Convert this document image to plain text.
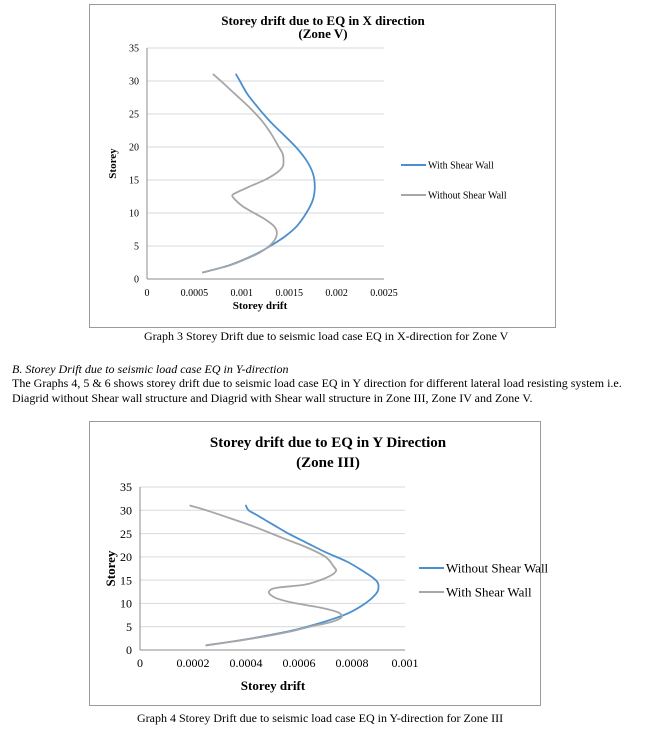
0
5
10
15
20
25
30
35
0	0.0005 0.001 0.0015 0.002 0.0025
Storey drift due to EQ in X direction
(Zone V)
Storey drift
Storey	With Shear Wall
Without Shear Wall
Graph 3 Storey Drift due to seismic load case EQ in X-direction for Zone V
B. Storey Drift due to seismic load case EQ in Y-direction
The Graphs 4, 5 & 6 shows storey drift due to seismic load case EQ in Y direction for different lateral load resisting system i.e. Diagrid without Shear wall structure and Diagrid with Shear wall structure in Zone III, Zone IV and Zone V.
0
5
10
15
20
25
30
35
0	0.0002 0.0004 0.0006 0.0008 0.001
Storey drift due to EQ in Y Direction
(Zone III)
Storey drift
Storey	Without Shear Wall
With Shear Wall
Graph 4 Storey Drift due to seismic load case EQ in Y-direction for Zone III
